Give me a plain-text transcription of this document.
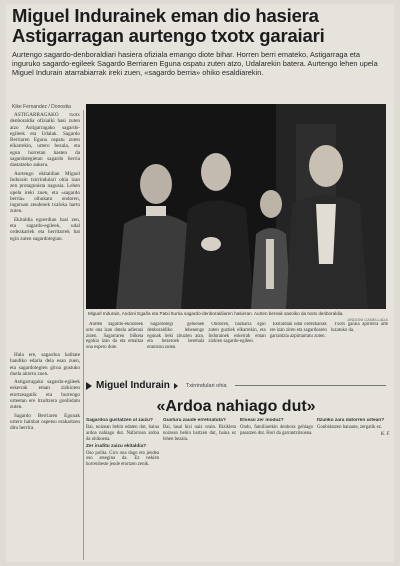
Miguel Indurainek eman dio hasiera
Astigarragan aurtengo txotx garaiari
Aurtengo sagardo-denboraldiari hasiera ofiziala emango diote bihar. Horren berri emateko, Astigarraga eta inguruko sagardo-egileek Sagardo Berriaren Eguna ospatu zuten atzo, Udalarekin batera. Aurtengo lehen upela Miguel Indurain atarrabiarrak ireki zuen, «sagardo berria» ohiko esaldiarekin.
Kike Fernandez / Donostia

ASTIGARRAGAKO txotx denboraldia ofizialki hasi zuten atzo Astigarragako sagardo-egileek eta Udalak. Sagardo Berriaren Eguna ospatu zuten elkarrekin, urtero bezala, eta egun horretan hasten da sagardotegietan sagardo berria dastatzeko aukera.

Aurtengo ekitaldian Miguel Indurain txirrindulari ohia izan zen protagonista nagusia. Lehen upela ireki zuen, eta «sagardo berria» oihukatu ondoren, inguruan zeudenek txaloka hartu zuten.

Ekitaldia eguerdian hasi zen, eta sagardo-egileek, udal ordezkariek eta herritarrek bat egin zuten sagardotegian.

Miguel Indurain, Andoni Egaña eta Patxi Iturria sagardo-denboraldiaren hasieran. Aurten bereak sasoiko da txotx denboraldia.
ANDONI CANELLADA

Aurten sagardo-ekoizleek urte ona izan dutela adierazi zuten. Sagarraren bilketa egokia izan da eta emaitza ona espero dute.

Sagardotegi gehienek denboraldiko lehenengo egunak ireki zituzten atzo, eta bezeroek berehala erantzun zuten.

Ondoren, bazkaria egin zuten guztiek elkarrekin, eta Indurainek eskerrak eman zizkien sagardo-egileei.

Ekitaldian udal ordezkariak ere izan ziren eta sagardoaren garrantzia azpimarratu zuten.

Txotx garaia apirilera arte luzatuko da.

Miguel Indurain	Txirrindulari ohia
«Ardoa nahiago dut»

Hala ere, sagardoa kalitate handiko edaria dela esan zuen, eta sagardotegien giroa gustuko duela aitortu zuen.

Astigarragako sagardo-egileek eskerrak eman zizkioten etortzeagatik eta hurrengo urteetan ere itzultzera gonbidatu zuten.

Sagardo Berriaren Egunak urtero hainbat ospetsu erakartzen ditu herrira.

Sagardoa gustatzen al zaizu?

Bai, noizean behin edaten dut, baina ardoa nahiago dut. Nafarroan ardoa da ohikoena.

Zer iruditu zaizu ekitaldia?

Oso polita. Giro ona dago eta jendea oso atsegina da. Ez nekien horrenbeste jende etortzen zenik.

Gustura zaude erretiratuta?

Bai, lasai bizi naiz orain. Bizikleta noizean behin hartzen dut, baina ez lehen bezala.

Etxean zer moduz?

Ondo, familiarekin denbora gehiago pasatzen dut. Hori da garrantzitsuena.

Itzuliko zara datorren urtean?

Gonbidatzen banaute, zergatik ez.

K. F.
